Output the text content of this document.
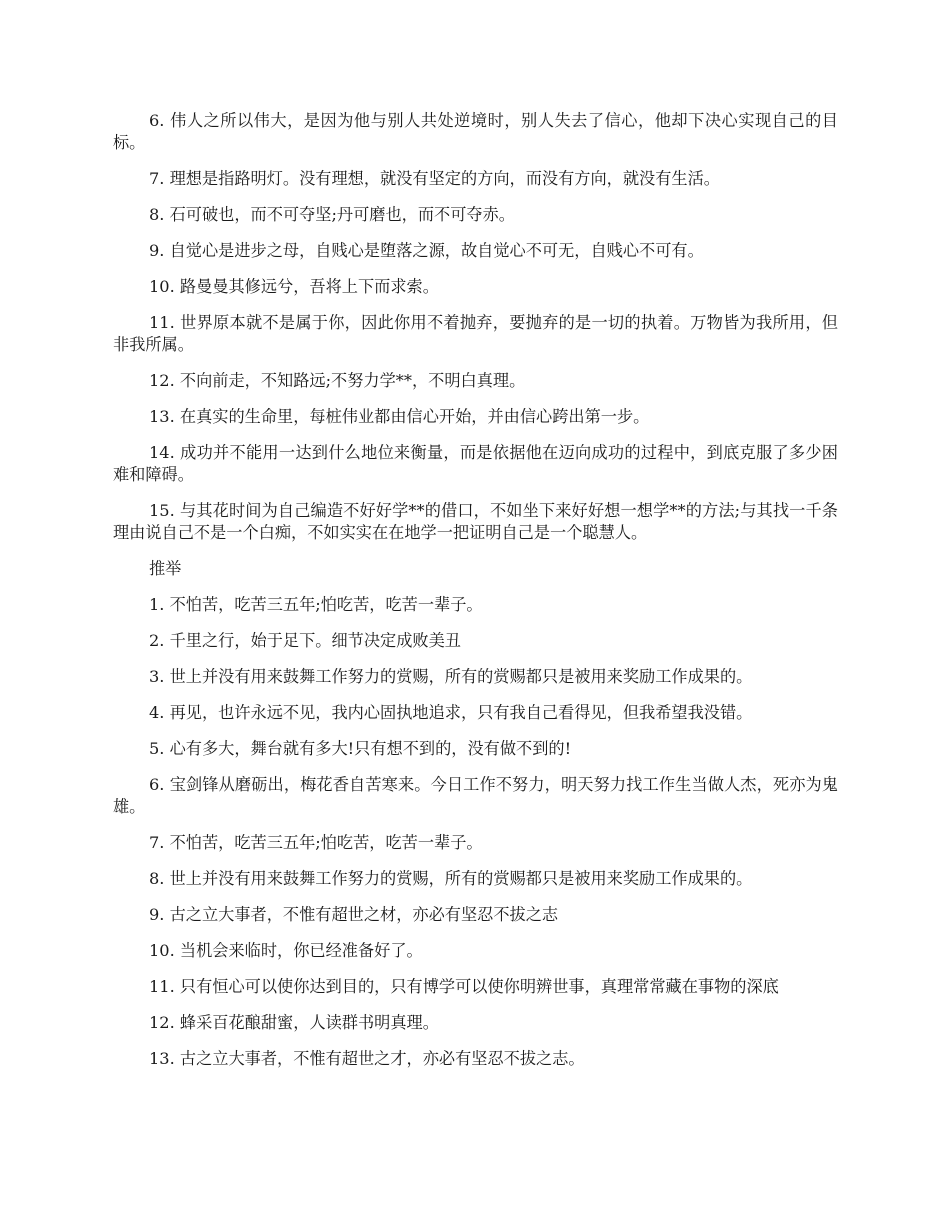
6. 伟人之所以伟大，是因为他与别人共处逆境时，别人失去了信心，他却下决心实现自己的目标。

7. 理想是指路明灯。没有理想，就没有坚定的方向，而没有方向，就没有生活。

8. 石可破也，而不可夺坚;丹可磨也，而不可夺赤。

9. 自觉心是进步之母，自贱心是堕落之源，故自觉心不可无，自贱心不可有。

10. 路曼曼其修远兮，吾将上下而求索。

11. 世界原本就不是属于你，因此你用不着抛弃，要抛弃的是一切的执着。万物皆为我所用，但非我所属。

12. 不向前走，不知路远;不努力学**，不明白真理。

13. 在真实的生命里，每桩伟业都由信心开始，并由信心跨出第一步。

14. 成功并不能用一达到什么地位来衡量，而是依据他在迈向成功的过程中，到底克服了多少困难和障碍。

15. 与其花时间为自己编造不好好学**的借口，不如坐下来好好想一想学**的方法;与其找一千条理由说自己不是一个白痴，不如实实在在地学一把证明自己是一个聪慧人。

推举

1. 不怕苦，吃苦三五年;怕吃苦，吃苦一辈子。

2. 千里之行，始于足下。细节决定成败美丑

3. 世上并没有用来鼓舞工作努力的赏赐，所有的赏赐都只是被用来奖励工作成果的。

4. 再见，也许永远不见，我内心固执地追求，只有我自己看得见，但我希望我没错。

5. 心有多大，舞台就有多大!只有想不到的，没有做不到的!

6. 宝剑锋从磨砺出，梅花香自苦寒来。今日工作不努力，明天努力找工作生当做人杰，死亦为鬼雄。

7. 不怕苦，吃苦三五年;怕吃苦，吃苦一辈子。

8. 世上并没有用来鼓舞工作努力的赏赐，所有的赏赐都只是被用来奖励工作成果的。

9. 古之立大事者，不惟有超世之材，亦必有坚忍不拔之志

10. 当机会来临时，你已经准备好了。

11. 只有恒心可以使你达到目的，只有博学可以使你明辨世事，真理常常藏在事物的深底

12. 蜂采百花酿甜蜜，人读群书明真理。

13. 古之立大事者，不惟有超世之才，亦必有坚忍不拔之志。
